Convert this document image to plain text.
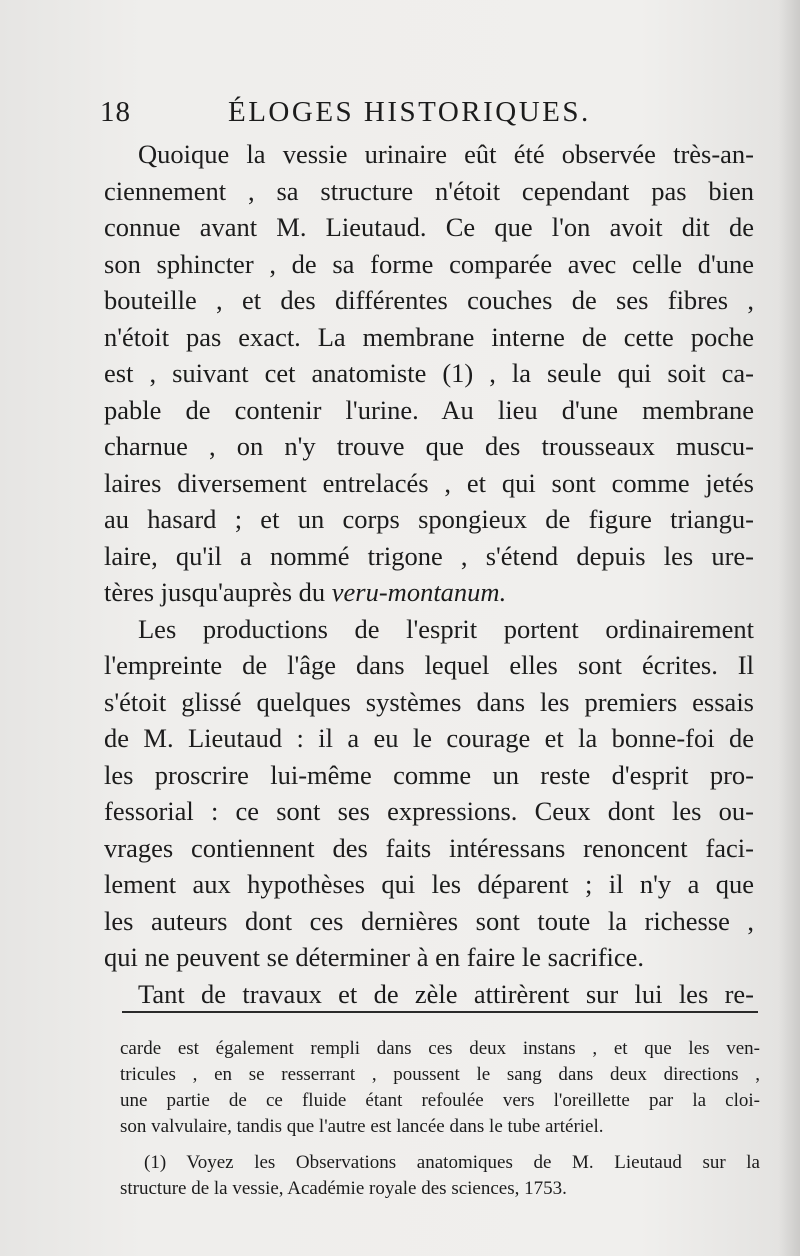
18	ÉLOGES HISTORIQUES.
Quoique la vessie urinaire eût été observée très-an-
ciennement , sa structure n'étoit cependant pas bien
connue avant M. Lieutaud. Ce que l'on avoit dit de
son sphincter , de sa forme comparée avec celle d'une
bouteille , et des différentes couches de ses fibres ,
n'étoit pas exact. La membrane interne de cette poche
est , suivant cet anatomiste (1) , la seule qui soit ca-
pable de contenir l'urine. Au lieu d'une membrane
charnue , on n'y trouve que des trousseaux muscu-
laires diversement entrelacés , et qui sont comme jetés
au hasard ; et un corps spongieux de figure triangu-
laire, qu'il a nommé trigone , s'étend depuis les ure-
tères jusqu'auprès du veru-montanum.
Les productions de l'esprit portent ordinairement
l'empreinte de l'âge dans lequel elles sont écrites. Il
s'étoit glissé quelques systèmes dans les premiers essais
de M. Lieutaud : il a eu le courage et la bonne-foi de
les proscrire lui-même comme un reste d'esprit pro-
fessorial : ce sont ses expressions. Ceux dont les ou-
vrages contiennent des faits intéressans renoncent faci-
lement aux hypothèses qui les déparent ; il n'y a que
les auteurs dont ces dernières sont toute la richesse ,
qui ne peuvent se déterminer à en faire le sacrifice.
Tant de travaux et de zèle attirèrent sur lui les re-
carde est également rempli dans ces deux instans , et que les ven-
tricules , en se resserrant , poussent le sang dans deux directions ,
une partie de ce fluide étant refoulée vers l'oreillette par la cloi-
son valvulaire, tandis que l'autre est lancée dans le tube artériel.
(1) Voyez les Observations anatomiques de M. Lieutaud sur la
structure de la vessie, Académie royale des sciences, 1753.
